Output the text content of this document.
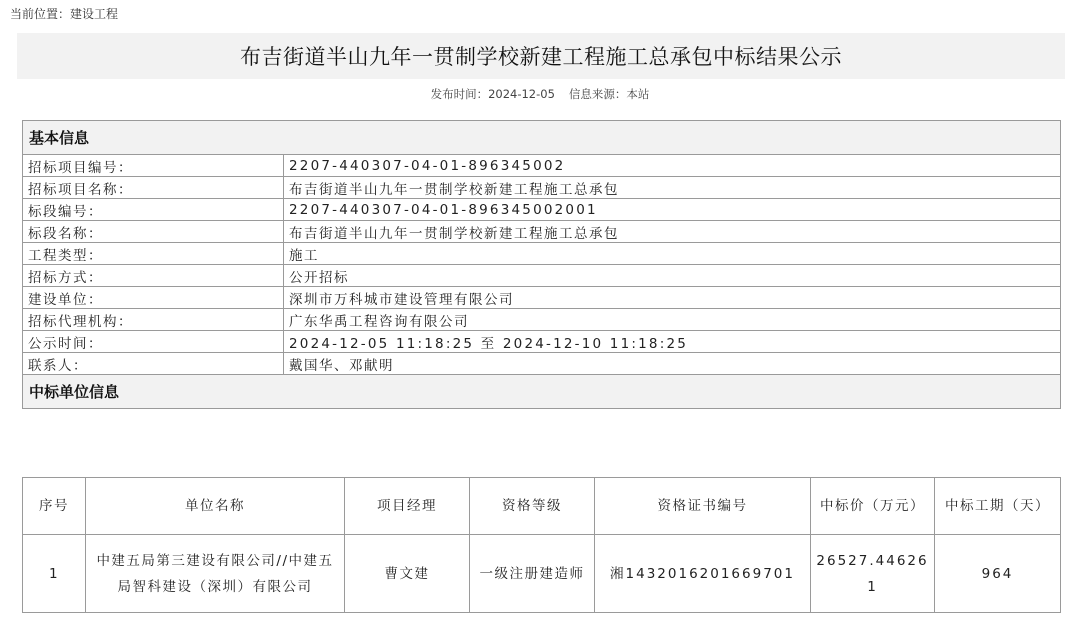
当前位置：建设工程
布吉街道半山九年一贯制学校新建工程施工总承包中标结果公示
发布时间：2024-12-05 信息来源：本站
基本信息	
招标项目编号：	2207-440307-04-01-896345002
招标项目名称：	布吉街道半山九年一贯制学校新建工程施工总承包
标段编号：	2207-440307-04-01-896345002001
标段名称：	布吉街道半山九年一贯制学校新建工程施工总承包
工程类型：	施工
招标方式：	公开招标
建设单位：	深圳市万科城市建设管理有限公司
招标代理机构：	广东华禹工程咨询有限公司
公示时间：	2024-12-05 11:18:25 至 2024-12-10 11:18:25
联系人：	戴国华、邓献明
中标单位信息	
序号	单位名称	项目经理	资格等级	资格证书编号	中标价（万元）	中标工期（天）
1	中建五局第三建设有限公司//中建五局智科建设（深圳）有限公司	曹文建	一级注册建造师	湘1432016201669701	26527.446261	964
